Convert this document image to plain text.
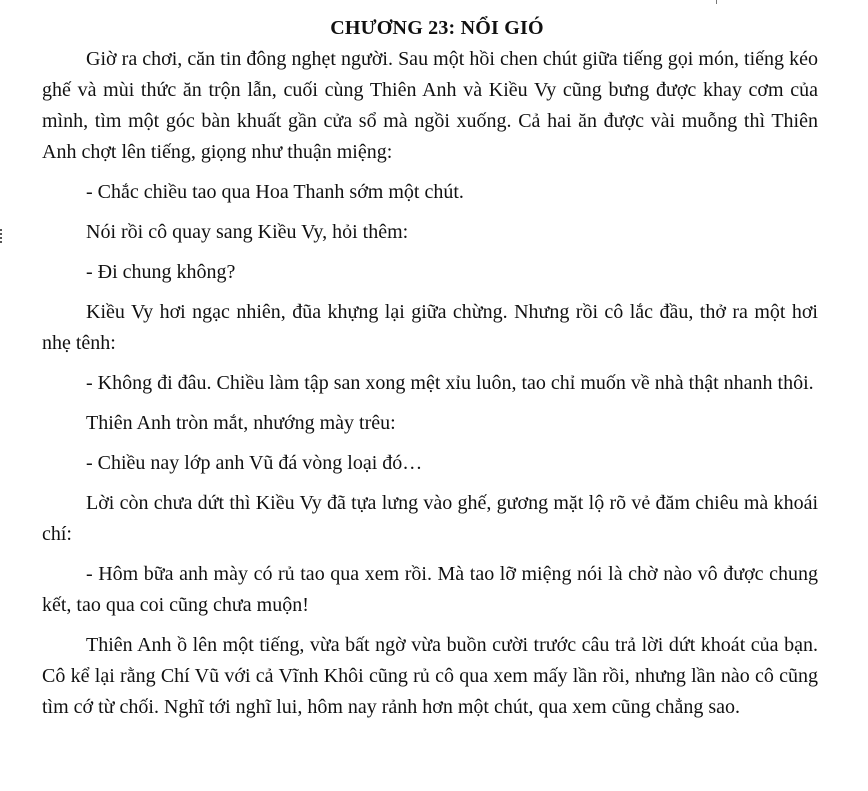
CHƯƠNG 23: NỔI GIÓ

Giờ ra chơi, căn tin đông nghẹt người. Sau một hồi chen chút giữa tiếng gọi món, tiếng kéo ghế và mùi thức ăn trộn lẫn, cuối cùng Thiên Anh và Kiều Vy cũng bưng được khay cơm của mình, tìm một góc bàn khuất gần cửa sổ mà ngồi xuống. Cả hai ăn được vài muỗng thì Thiên Anh chợt lên tiếng, giọng như thuận miệng:

- Chắc chiều tao qua Hoa Thanh sớm một chút.

Nói rồi cô quay sang Kiều Vy, hỏi thêm:

- Đi chung không?

Kiều Vy hơi ngạc nhiên, đũa khựng lại giữa chừng. Nhưng rồi cô lắc đầu, thở ra một hơi nhẹ tênh:

- Không đi đâu. Chiều làm tập san xong mệt xỉu luôn, tao chỉ muốn về nhà thật nhanh thôi.

Thiên Anh tròn mắt, nhướng mày trêu:

- Chiều nay lớp anh Vũ đá vòng loại đó…

Lời còn chưa dứt thì Kiều Vy đã tựa lưng vào ghế, gương mặt lộ rõ vẻ đăm chiêu mà khoái chí:

- Hôm bữa anh mày có rủ tao qua xem rồi. Mà tao lỡ miệng nói là chờ nào vô được chung kết, tao qua coi cũng chưa muộn!

Thiên Anh ồ lên một tiếng, vừa bất ngờ vừa buồn cười trước câu trả lời dứt khoát của bạn. Cô kể lại rằng Chí Vũ với cả Vĩnh Khôi cũng rủ cô qua xem mấy lần rồi, nhưng lần nào cô cũng tìm cớ từ chối. Nghĩ tới nghĩ lui, hôm nay rảnh hơn một chút, qua xem cũng chẳng sao.
